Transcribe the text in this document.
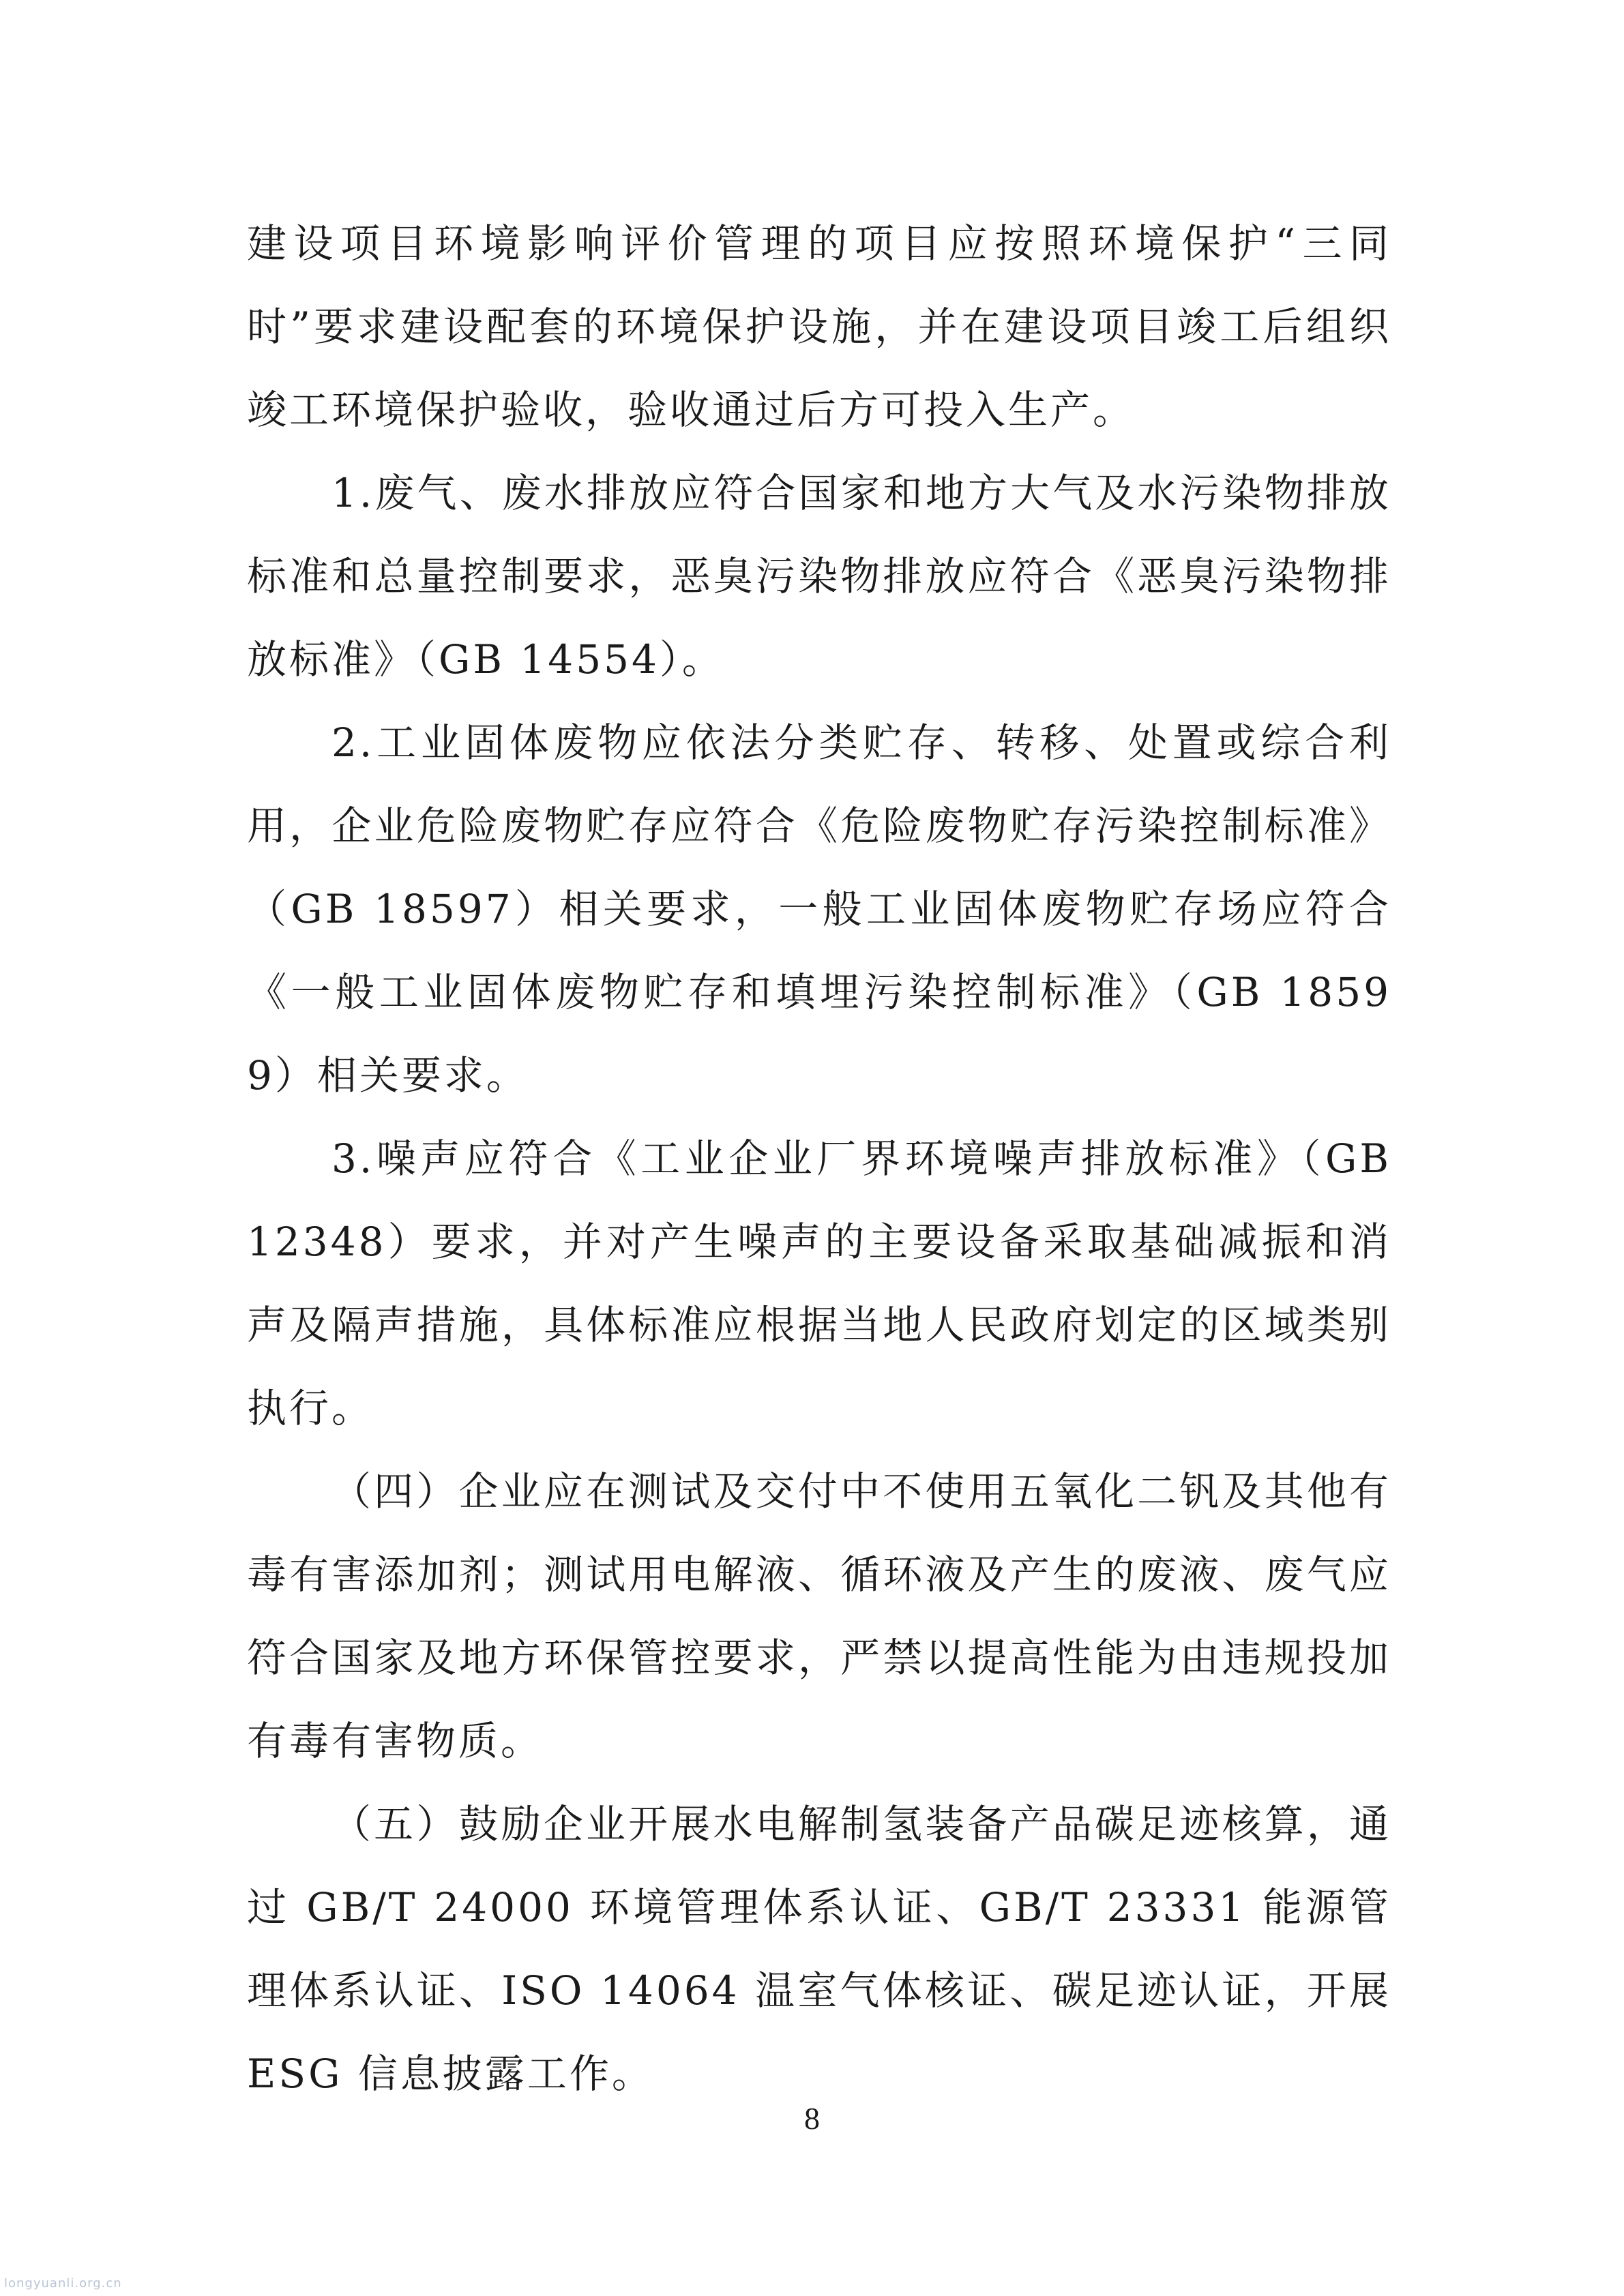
建设项目环境影响评价管理的项目应按照环境保护“三同时”要求建设配套的环境保护设施，并在建设项目竣工后组织竣工环境保护验收，验收通过后方可投入生产。

1.废气、废水排放应符合国家和地方大气及水污染物排放标准和总量控制要求，恶臭污染物排放应符合《恶臭污染物排放标准》（GB 14554）。

2.工业固体废物应依法分类贮存、转移、处置或综合利用，企业危险废物贮存应符合《危险废物贮存污染控制标准》（GB 18597）相关要求，一般工业固体废物贮存场应符合《一般工业固体废物贮存和填埋污染控制标准》（GB 18599）相关要求。

3.噪声应符合《工业企业厂界环境噪声排放标准》（GB 12348）要求，并对产生噪声的主要设备采取基础减振和消声及隔声措施，具体标准应根据当地人民政府划定的区域类别执行。

（四）企业应在测试及交付中不使用五氧化二钒及其他有毒有害添加剂；测试用电解液、循环液及产生的废液、废气应符合国家及地方环保管控要求，严禁以提高性能为由违规投加有毒有害物质。

（五）鼓励企业开展水电解制氢装备产品碳足迹核算，通过 GB/T 24000 环境管理体系认证、GB/T 23331 能源管理体系认证、ISO 14064 温室气体核证、碳足迹认证，开展 ESG 信息披露工作。

8
longyuanli.org.cn
